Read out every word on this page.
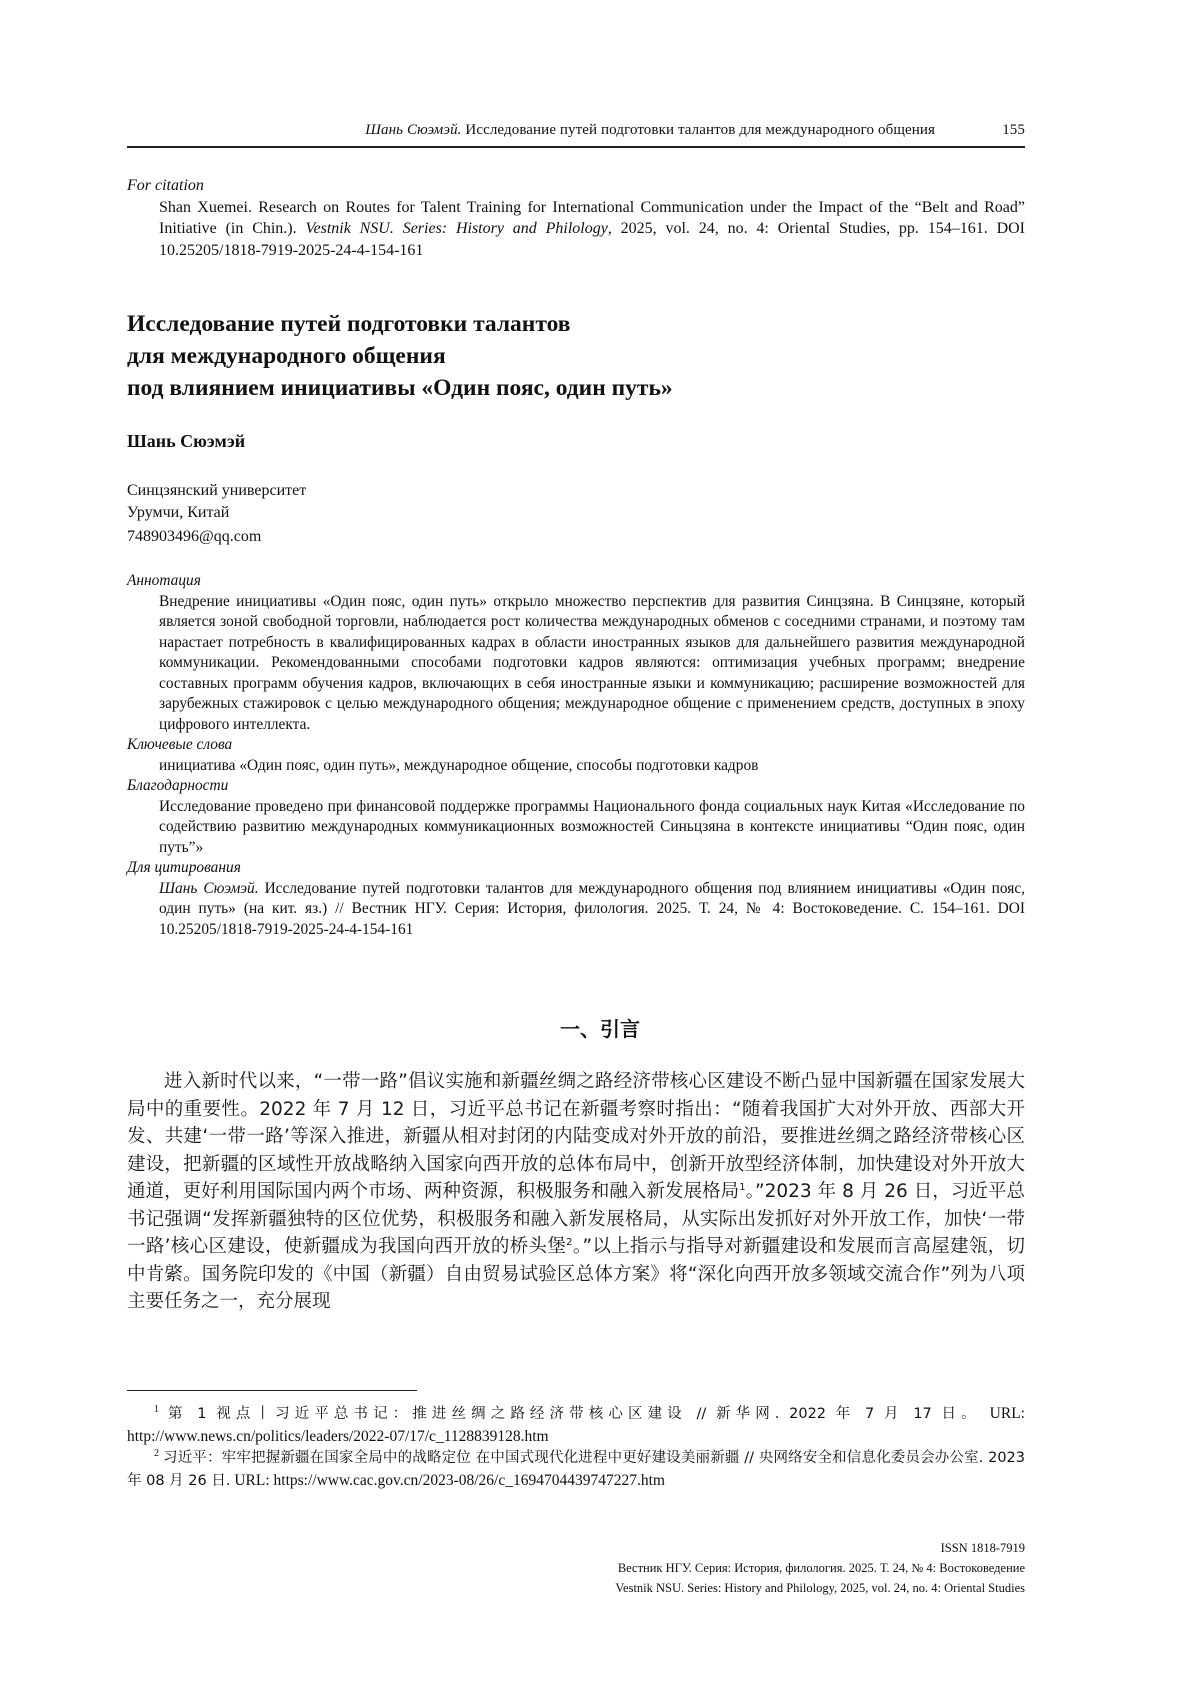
Шань Сюэмэй. Исследование путей подготовки талантов для международного общения	155
For citation
Shan Xuemei. Research on Routes for Talent Training for International Communication under the Impact of the “Belt and Road” Initiative (in Chin.). Vestnik NSU. Series: History and Philology, 2025, vol. 24, no. 4: Oriental Studies, pp. 154–161. DOI 10.25205/1818-7919-2025-24-4-154-161
Исследование путей подготовки талантов
для международного общения
под влиянием инициативы «Один пояс, один путь»
Шань Сюэмэй
Синцзянский университет
Урумчи, Китай
748903496@qq.com
Аннотация
Внедрение инициативы «Один пояс, один путь» открыло множество перспектив для развития Синцзяна. В Синцзяне, который является зоной свободной торговли, наблюдается рост количества международных обменов с соседними странами, и поэтому там нарастает потребность в квалифицированных кадрах в области иностранных языков для дальнейшего развития международной коммуникации. Рекомендованными способами подготовки кадров являются: оптимизация учебных программ; внедрение составных программ обучения кадров, включающих в себя иностранные языки и коммуникацию; расширение возможностей для зарубежных стажировок с целью международного общения; международное общение с применением средств, доступных в эпоху цифрового интеллекта.
Ключевые слова
инициатива «Один пояс, один путь», международное общение, способы подготовки кадров
Благодарности
Исследование проведено при финансовой поддержке программы Национального фонда социальных наук Китая «Исследование по содействию развитию международных коммуникационных возможностей Синьцзяна в контексте инициативы “Один пояс, один путь”»
Для цитирования
Шань Сюэмэй. Исследование путей подготовки талантов для международного общения под влиянием инициативы «Один пояс, один путь» (на кит. яз.) // Вестник НГУ. Серия: История, филология. 2025. Т. 24, № 4: Востоковедение. С. 154–161. DOI 10.25205/1818-7919-2025-24-4-154-161
一、引言
进入新时代以来，“一带一路”倡议实施和新疆丝绸之路经济带核心区建设不断凸显中国新疆在国家发展大局中的重要性。2022 年 7 月 12 日，习近平总书记在新疆考察时指出：“随着我国扩大对外开放、西部大开发、共建‘一带一路’等深入推进，新疆从相对封闭的内陆变成对外开放的前沿，要推进丝绸之路经济带核心区建设，把新疆的区域性开放战略纳入国家向西开放的总体布局中，创新开放型经济体制，加快建设对外开放大通道，更好利用国际国内两个市场、两种资源，积极服务和融入新发展格局$^1$。”2023 年 8 月 26 日，习近平总书记强调“发挥新疆独特的区位优势，积极服务和融入新发展格局，从实际出发抓好对外开放工作，加快‘一带一路’核心区建设，使新疆成为我国向西开放的桥头堡$^2$。”以上指示与指导对新疆建设和发展而言高屋建瓴，切中肯綮。国务院印发的《中国（新疆）自由贸易试验区总体方案》将“深化向西开放多领域交流合作”列为八项主要任务之一，充分展现
$^1$ 第 1 视点丨习近平总书记：推进丝绸之路经济带核心区建设 // 新华网. 2022 年 7 月 17 日。 URL: http://www.news.cn/politics/leaders/2022-07/17/c_1128839128.htm
$^2$ 习近平：牢牢把握新疆在国家全局中的战略定位 在中国式现代化进程中更好建设美丽新疆 // 央网络安全和信息化委员会办公室. 2023 年 08 月 26 日. URL: https://www.cac.gov.cn/2023-08/26/c_1694704439747227.htm
ISSN 1818-7919
Вестник НГУ. Серия: История, филология. 2025. Т. 24, № 4: Востоковедение
Vestnik NSU. Series: History and Philology, 2025, vol. 24, no. 4: Oriental Studies
